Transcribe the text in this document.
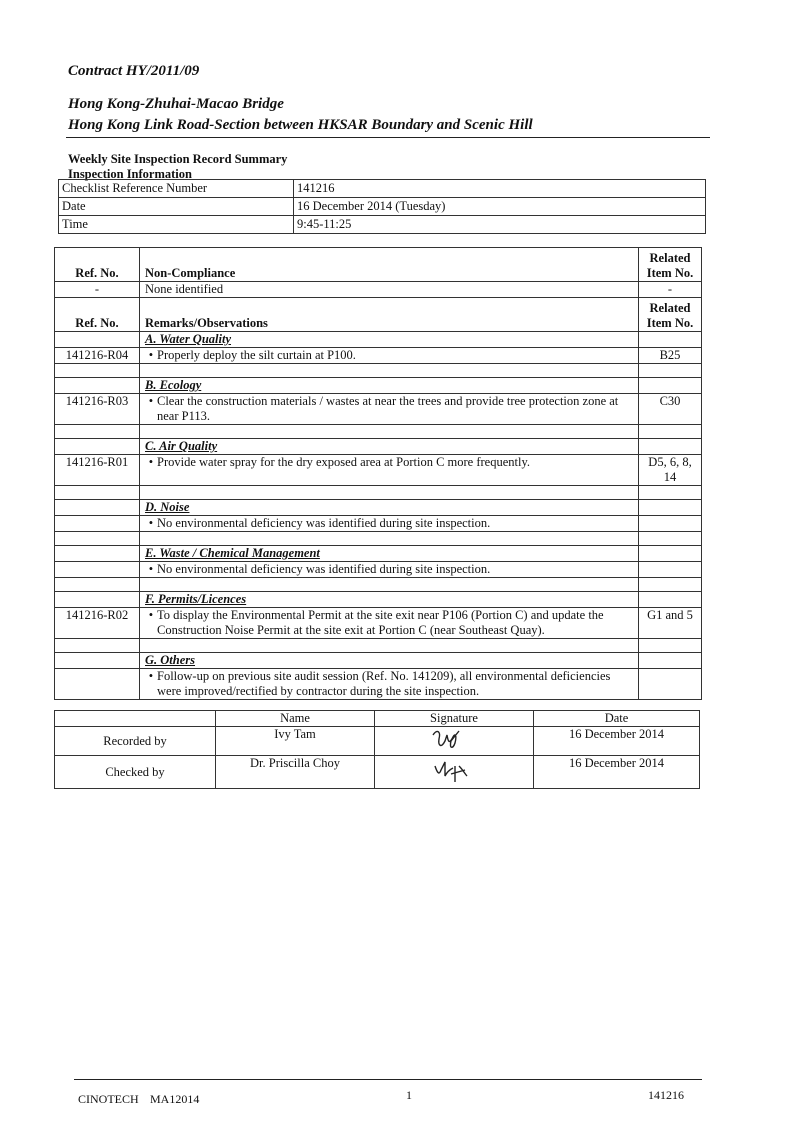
Contract HY/2011/09
Hong Kong-Zhuhai-Macao Bridge
Hong Kong Link Road-Section between HKSAR Boundary and Scenic Hill
Weekly Site Inspection Record Summary
Inspection Information
Checklist Reference Number	141216
Date	16 December 2014 (Tuesday)
Time	9:45-11:25
Ref. No.	Non-Compliance	Related
Item No.

-	None identified	-
Ref. No.	Remarks/Observations	Related
Item No.

	A. Water Quality	
141216-R04	• Properly deploy the silt curtain at P100.	B25

	B. Ecology	
141216-R03	• Clear the construction materials / wastes at near the trees and provide tree protection zone at near P113.	C30

	C. Air Quality	
141216-R01	• Provide water spray for the dry exposed area at Portion C more frequently.	D5, 6, 8, 14

	D. Noise	

	• No environmental deficiency was identified during site inspection.	

	E. Waste / Chemical Management	

	• No environmental deficiency was identified during site inspection.	

	F. Permits/Licences	
141216-R02	• To display the Environmental Permit at the site exit near P106 (Portion C) and update the Construction Noise Permit at the site exit at Portion C (near Southeast Quay).	G1 and 5

	G. Others	

	• Follow-up on previous site audit session (Ref. No. 141209), all environmental deficiencies were improved/rectified by contractor during the site inspection.	

	Name	Signature	Date
Recorded by	Ivy Tam		16 December 2014
Checked by	Dr. Priscilla Choy		16 December 2014
CINOTECH MA12014	1	141216
